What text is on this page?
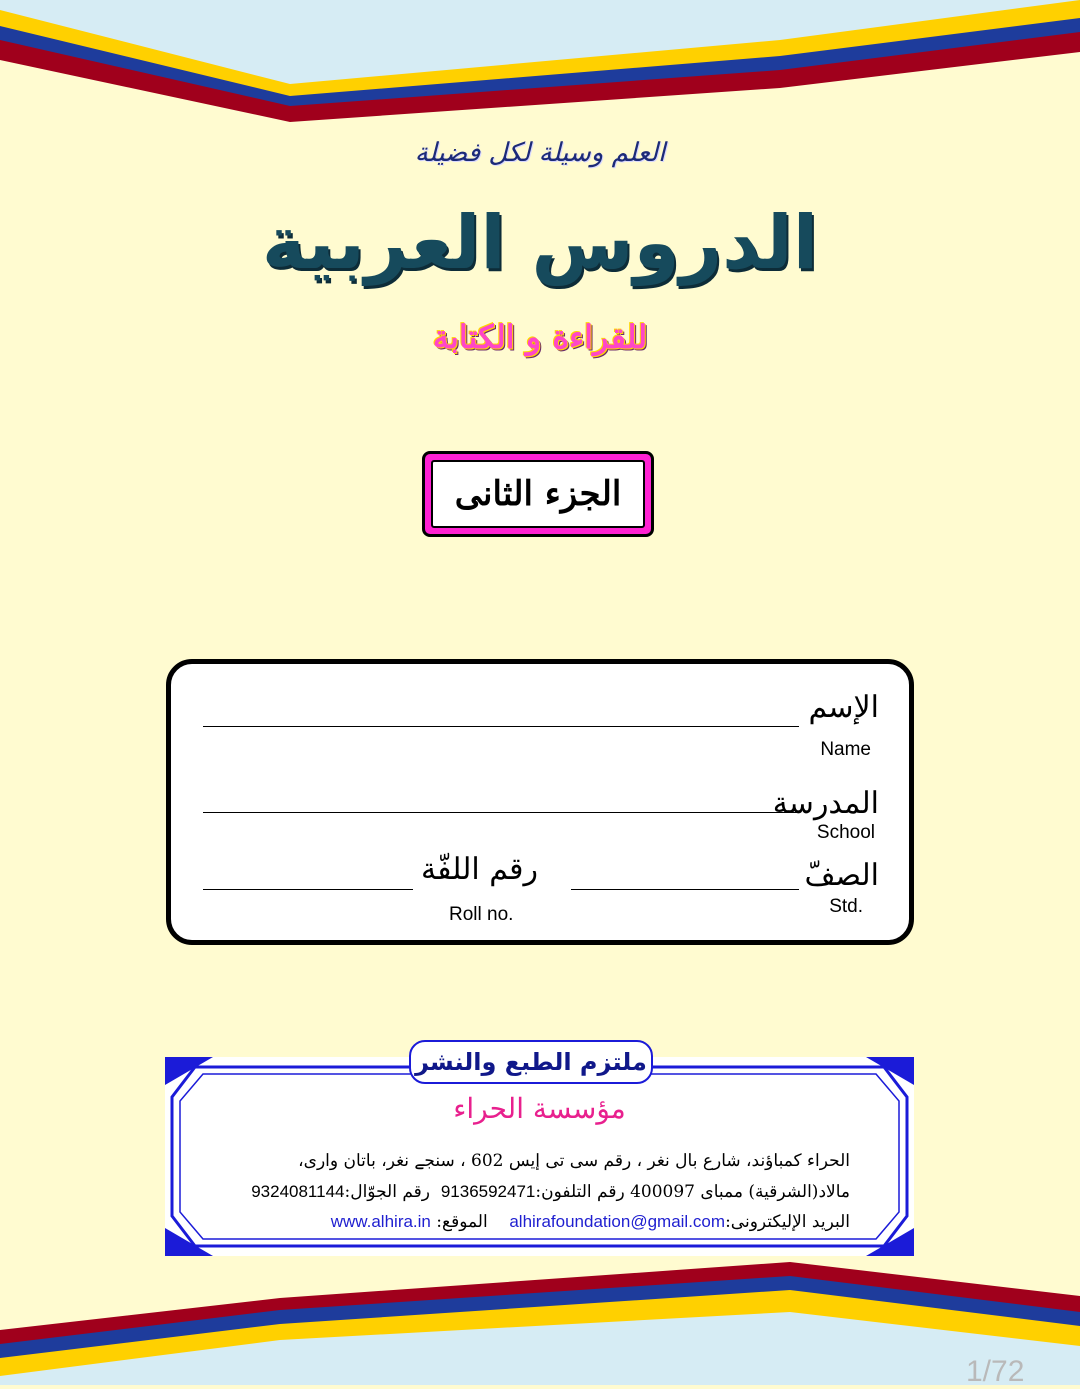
العلم وسيلة لكل فضيلة
الدروس العربية
للقراءة و الكتابة
الجزء الثانى
الإسم
Name
المدرسة
School
الصفّ
Std.
رقم اللفّة
Roll no.
ملتزم الطبع والنشر
مؤسسة الحراء
الحراء كمباؤند، شارع بال نغر ، رقم سى تى إيس 602 ، سنجے نغر، باتان وارى،
مالاد(الشرقية) ممباى 400097 رقم التلفون:9136592471  رقم الجوّال:9324081144
البريد الإليكترونى:alhirafoundation@gmail.com    الموقع: www.alhira.in
1/72
